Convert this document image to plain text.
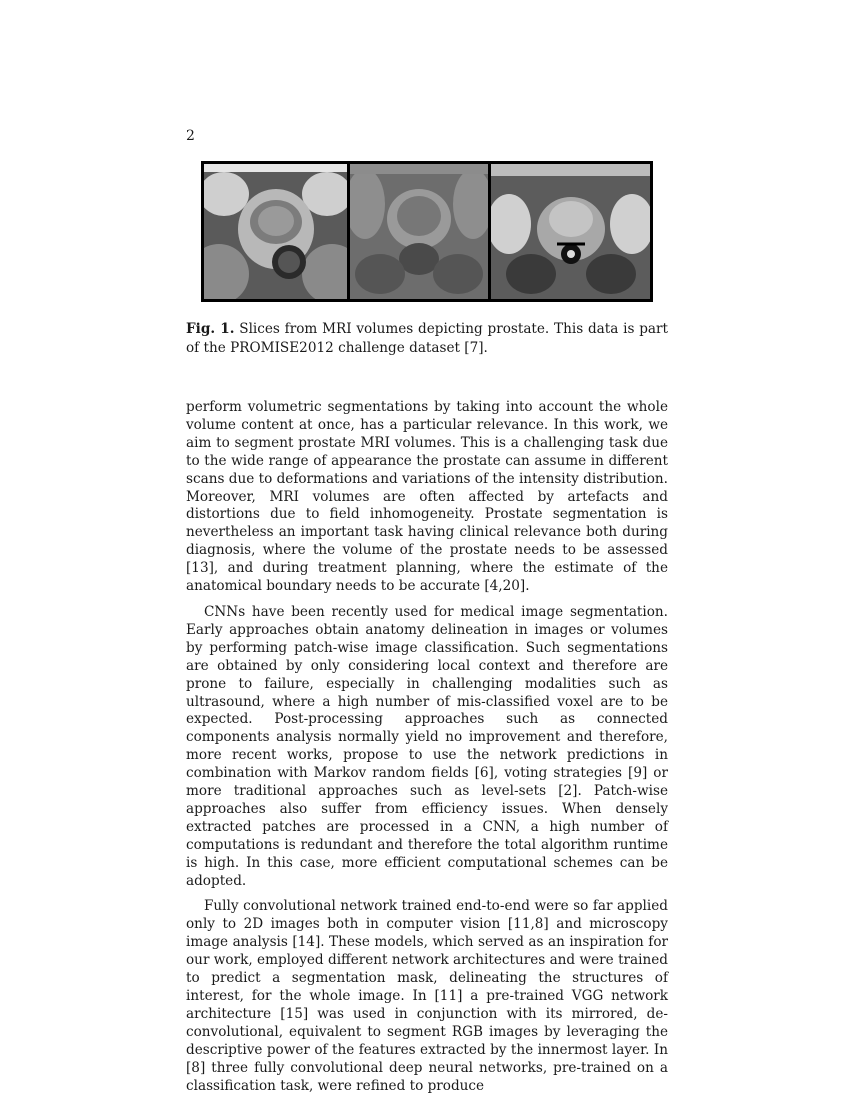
2
Fig. 1. Slices from MRI volumes depicting prostate. This data is part of the PROMISE2012 challenge dataset [7].

perform volumetric segmentations by taking into account the whole volume content at once, has a particular relevance. In this work, we aim to segment prostate MRI volumes. This is a challenging task due to the wide range of appearance the prostate can assume in different scans due to deformations and variations of the intensity distribution. Moreover, MRI volumes are often affected by artefacts and distortions due to field inhomogeneity. Prostate segmentation is nevertheless an important task having clinical relevance both during diagnosis, where the volume of the prostate needs to be assessed [13], and during treatment planning, where the estimate of the anatomical boundary needs to be accurate [4,20].

CNNs have been recently used for medical image segmentation. Early approaches obtain anatomy delineation in images or volumes by performing patch-wise image classification. Such segmentations are obtained by only considering local context and therefore are prone to failure, especially in challenging modalities such as ultrasound, where a high number of mis-classified voxel are to be expected. Post-processing approaches such as connected components analysis normally yield no improvement and therefore, more recent works, propose to use the network predictions in combination with Markov random fields [6], voting strategies [9] or more traditional approaches such as level-sets [2]. Patch-wise approaches also suffer from efficiency issues. When densely extracted patches are processed in a CNN, a high number of computations is redundant and therefore the total algorithm runtime is high. In this case, more efficient computational schemes can be adopted.

Fully convolutional network trained end-to-end were so far applied only to 2D images both in computer vision [11,8] and microscopy image analysis [14]. These models, which served as an inspiration for our work, employed different network architectures and were trained to predict a segmentation mask, delineating the structures of interest, for the whole image. In [11] a pre-trained VGG network architecture [15] was used in conjunction with its mirrored, de-convolutional, equivalent to segment RGB images by leveraging the descriptive power of the features extracted by the innermost layer. In [8] three fully convolutional deep neural networks, pre-trained on a classification task, were refined to produce
